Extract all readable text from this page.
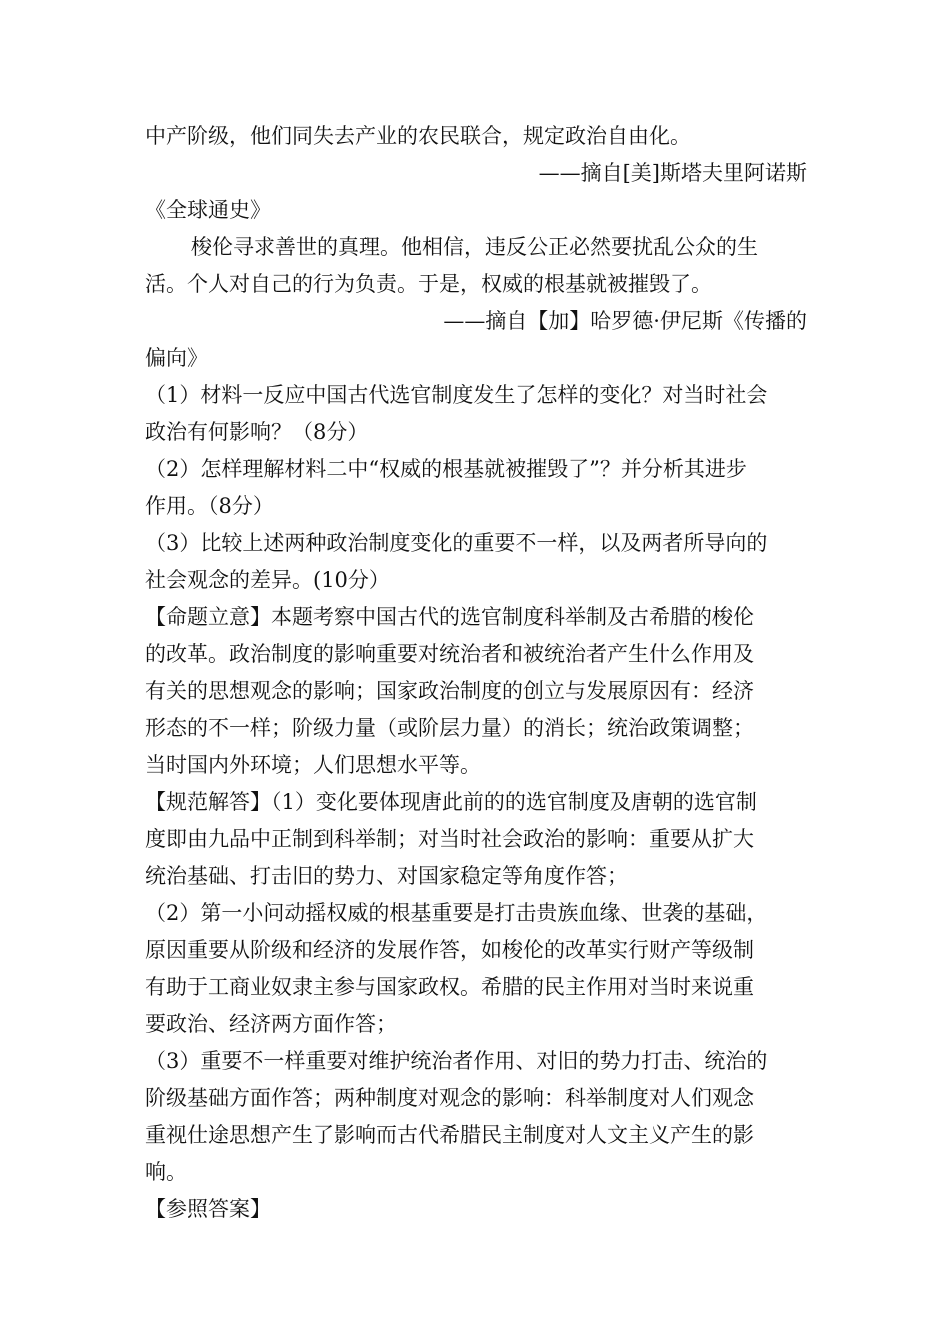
中产阶级，他们同失去产业的农民联合，规定政治自由化。
——摘自[美]斯塔夫里阿诺斯
《全球通史》
梭伦寻求善世的真理。他相信，违反公正必然要扰乱公众的生
活。个人对自己的行为负责。于是，权威的根基就被摧毁了。
——摘自【加】哈罗德·伊尼斯《传播的
偏向》
（1）材料一反应中国古代选官制度发生了怎样的变化？对当时社会
政治有何影响？（8分）
（2）怎样理解材料二中“权威的根基就被摧毁了”？并分析其进步
作用。（8分）
（3）比较上述两种政治制度变化的重要不一样，以及两者所导向的
社会观念的差异。(10分）
【命题立意】本题考察中国古代的选官制度科举制及古希腊的梭伦
的改革。政治制度的影响重要对统治者和被统治者产生什么作用及
有关的思想观念的影响；国家政治制度的创立与发展原因有：经济
形态的不一样；阶级力量（或阶层力量）的消长；统治政策调整；
当时国内外环境；人们思想水平等。
【规范解答】（1）变化要体现唐此前的的选官制度及唐朝的选官制
度即由九品中正制到科举制；对当时社会政治的影响：重要从扩大
统治基础、打击旧的势力、对国家稳定等角度作答；
（2）第一小问动摇权威的根基重要是打击贵族血缘、世袭的基础，
原因重要从阶级和经济的发展作答，如梭伦的改革实行财产等级制
有助于工商业奴隶主参与国家政权。希腊的民主作用对当时来说重
要政治、经济两方面作答；
（3）重要不一样重要对维护统治者作用、对旧的势力打击、统治的
阶级基础方面作答；两种制度对观念的影响：科举制度对人们观念
重视仕途思想产生了影响而古代希腊民主制度对人文主义产生的影
响。
【参照答案】
